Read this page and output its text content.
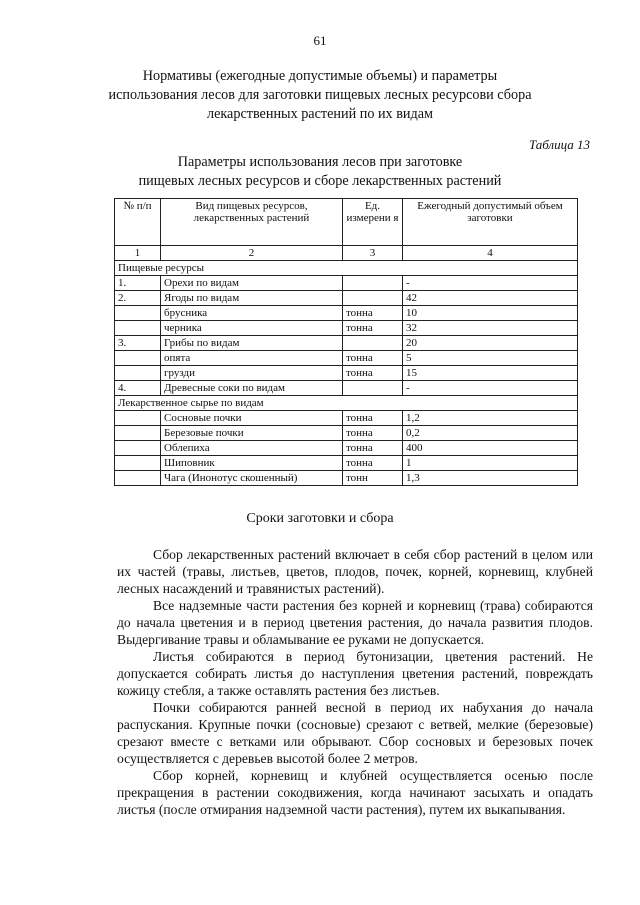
61
Нормативы (ежегодные допустимые объемы) и параметры
использования лесов для заготовки пищевых лесных ресурсови сбора
лекарственных растений по их видам
Таблица 13
Параметры использования лесов при заготовке
пищевых лесных ресурсов и сборе лекарственных растений
№ п/п	Вид пищевых ресурсов, лекарственных растений	Ед. измерени я	Ежегодный допустимый объем заготовки
1	2	3	4
Пищевые ресурсы			
1.	Орехи по видам		-
2.	Ягоды по видам		42
	брусника	тонна	10
	черника	тонна	32
3.	Грибы по видам		20
	опята	тонна	5
	грузди	тонна	15
4.	Древесные соки по видам		-
Лекарственное сырье по видам			
	Сосновые почки	тонна	1,2
	Березовые почки	тонна	0,2
	Облепиха	тонна	400
	Шиповник	тонна	1
	Чага (Инонотус скошенный)	тонн	1,3
Сроки заготовки и сбора

Сбор лекарственных растений включает в себя сбор растений в целом или их частей (травы, листьев, цветов, плодов, почек, корней, корневищ, клубней лесных насаждений и травянистых растений).

Все надземные части растения без корней и корневищ (трава) собираются до начала цветения и в период цветения растения, до начала развития плодов. Выдергивание травы и обламывание ее руками не допускается.

Листья собираются в период бутонизации, цветения растений. Не допускается собирать листья до наступления цветения растений, повреждать кожицу стебля, а также оставлять растения без листьев.

Почки собираются ранней весной в период их набухания до начала распускания. Крупные почки (сосновые) срезают с ветвей, мелкие (березовые) срезают вместе с ветками или обрывают. Сбор сосновых и березовых почек осуществляется с деревьев высотой более 2 метров.

Сбор корней, корневищ и клубней осуществляется осенью после прекращения в растении сокодвижения, когда начинают засыхать и опадать листья (после отмирания надземной части растения), путем их выкапывания.
